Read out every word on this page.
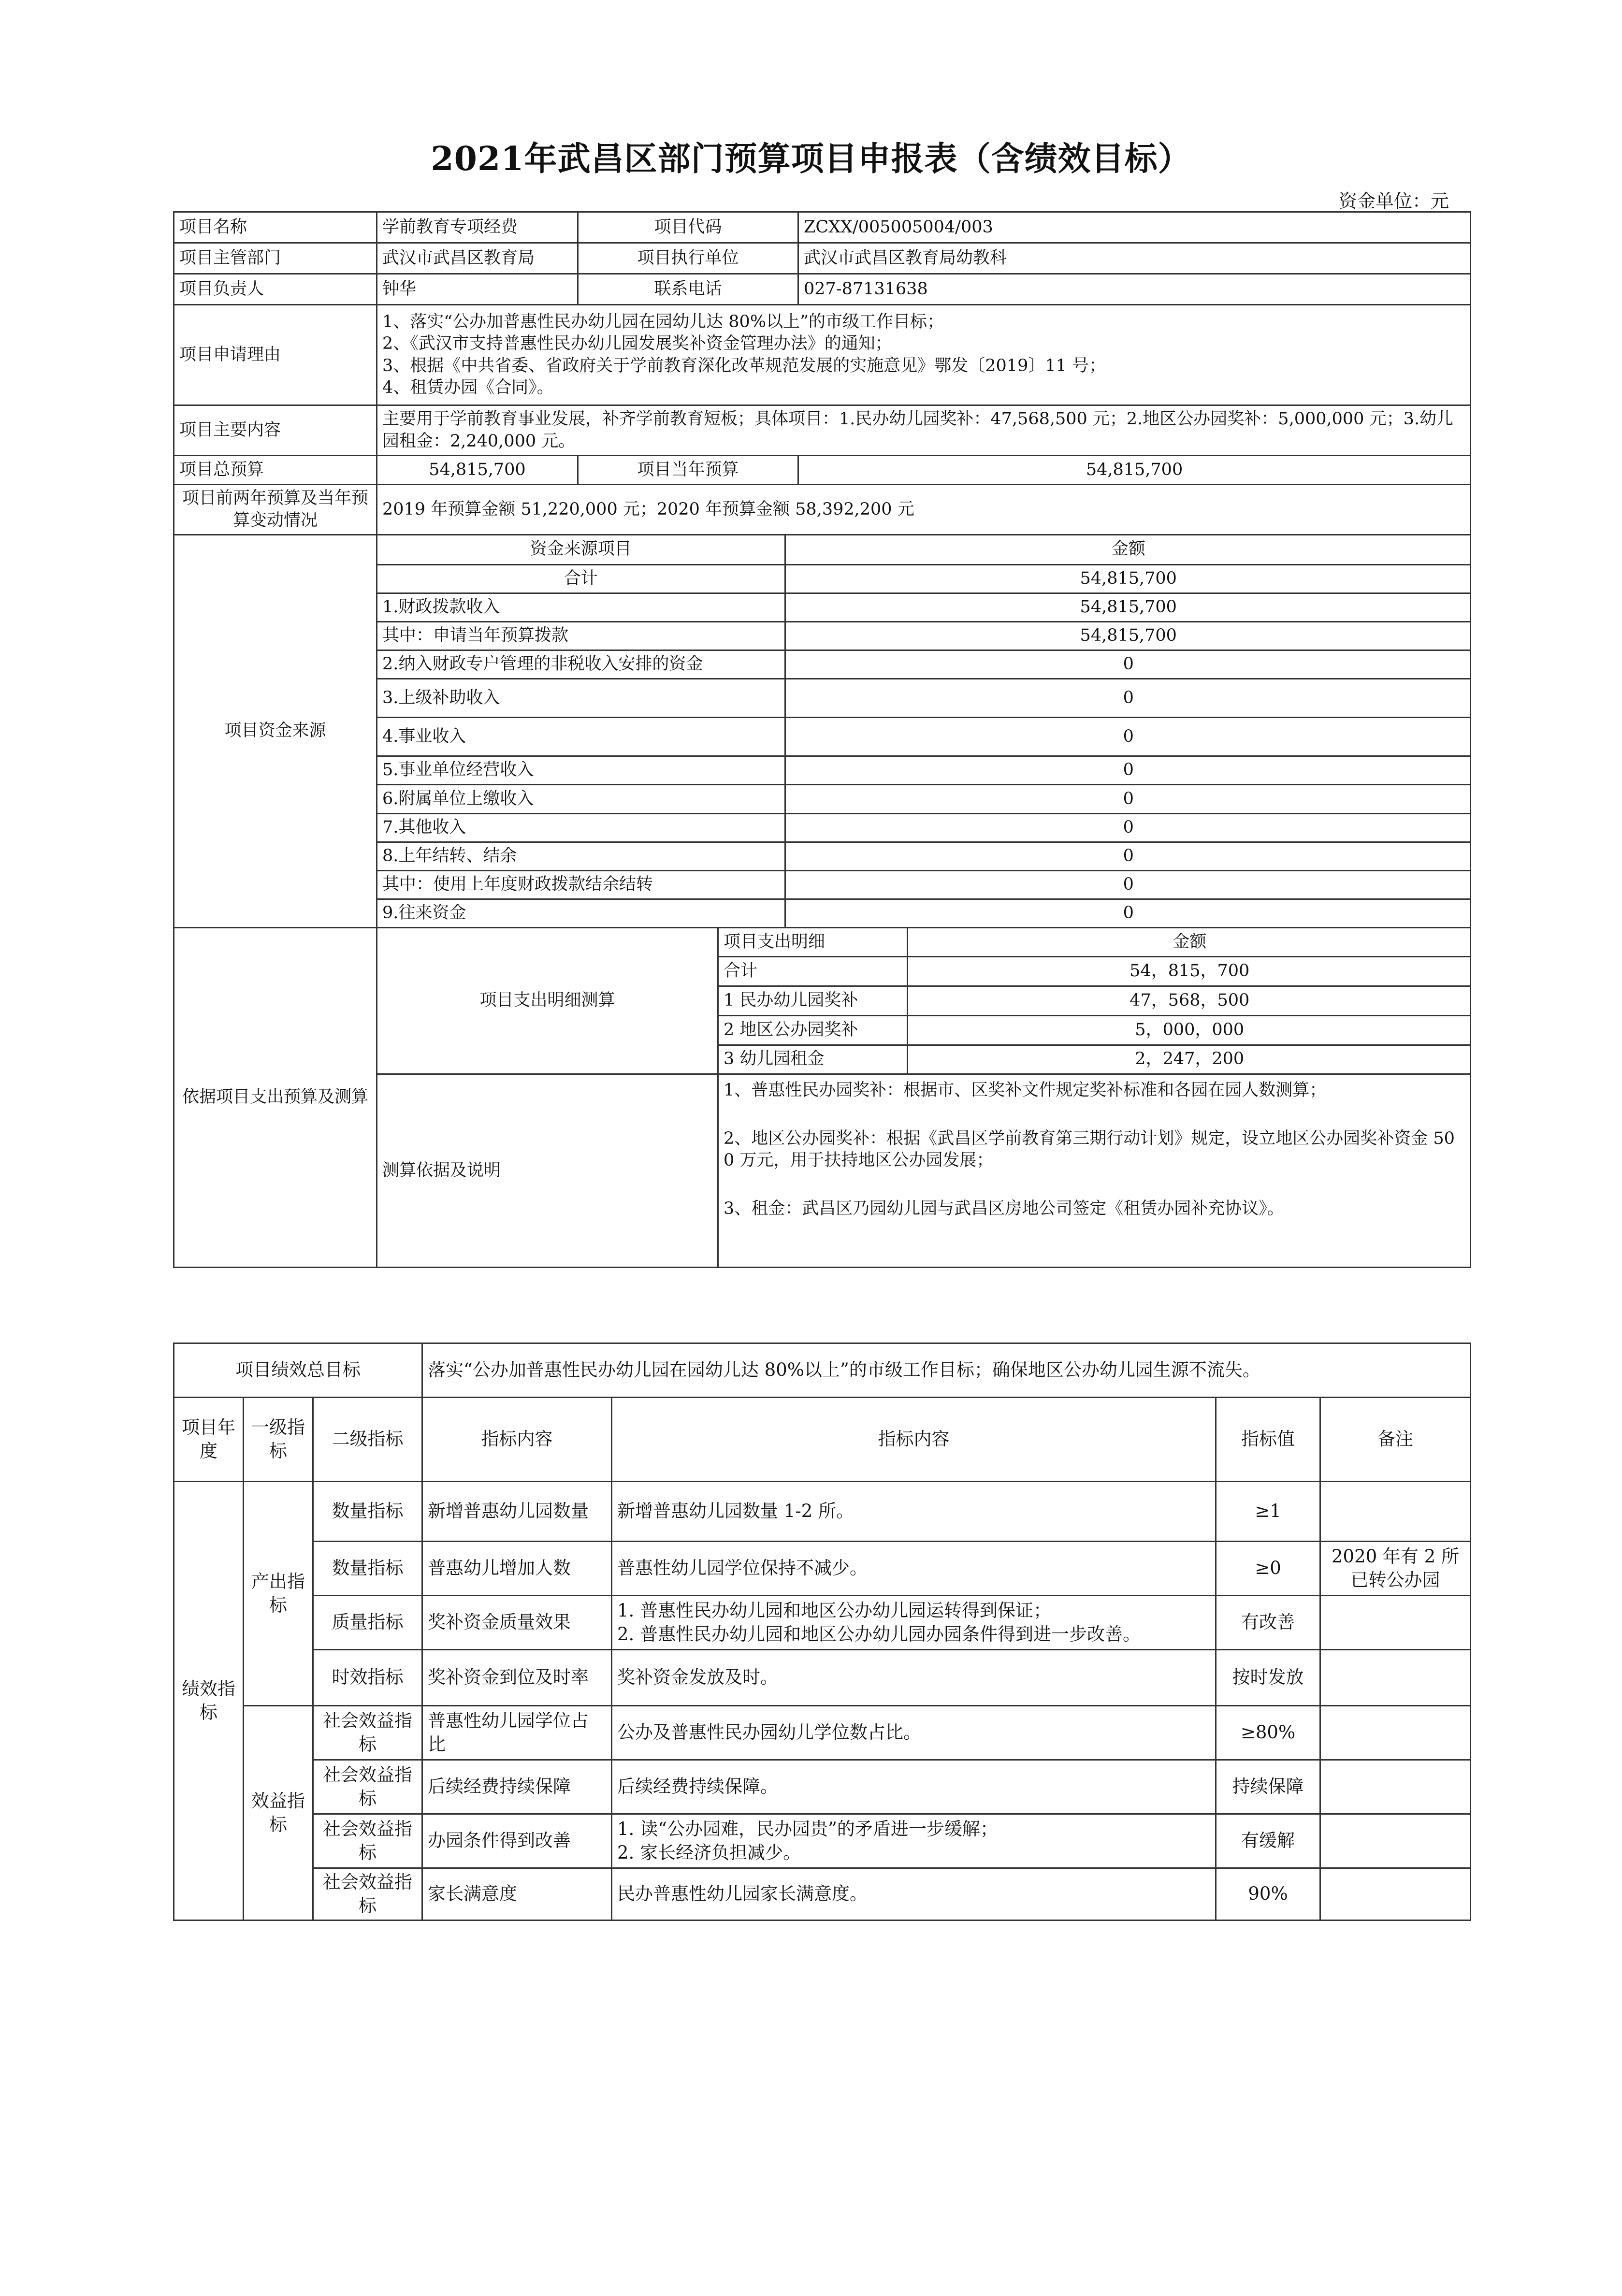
2021年武昌区部门预算项目申报表（含绩效目标）
资金单位：元
项目名称	学前教育专项经费	项目代码	ZCXX/005005004/003
项目主管部门	武汉市武昌区教育局	项目执行单位	武汉市武昌区教育局幼教科
项目负责人	钟华	联系电话	027-87131638
项目申请理由	
1、落实“公办加普惠性民办幼儿园在园幼儿达 80%以上”的市级工作目标；
2、《武汉市支持普惠性民办幼儿园发展奖补资金管理办法》的通知；
3、根据《中共省委、省政府关于学前教育深化改革规范发展的实施意见》鄂发〔2019〕11 号；
4、租赁办园《合同》。

项目主要内容	主要用于学前教育事业发展，补齐学前教育短板；具体项目：1.民办幼儿园奖补：47,568,500 元；2.地区公办园奖补：5,000,000 元；3.幼儿园租金：2,240,000 元。
项目总预算	54,815,700	项目当年预算	54,815,700
项目前两年预算及当年预算变动情况	2019 年预算金额 51,220,000 元；2020 年预算金额 58,392,200 元
项目资金来源	
资金来源项目	金额
合计	54,815,700
1.财政拨款收入	54,815,700
其中：申请当年预算拨款	54,815,700
2.纳入财政专户管理的非税收入安排的资金	0
3.上级补助收入	0
4.事业收入	0
5.事业单位经营收入	0
6.附属单位上缴收入	0
7.其他收入	0
8.上年结转、结余	0
其中：使用上年度财政拨款结余结转	0
9.往来资金	0

依据项目支出预算及测算	项目支出明细测算	
项目支出明细	金额
合计	54，815，700
1 民办幼儿园奖补	47，568，500
2 地区公办园奖补	5，000，000
3 幼儿园租金	2，247，200

测算依据及说明	

1、普惠性民办园奖补：根据市、区奖补文件规定奖补标准和各园在园人数测算；

2、地区公办园奖补：根据《武昌区学前教育第三期行动计划》规定，设立地区公办园奖补资金 500 万元，用于扶持地区公办园发展；

3、租金：武昌区乃园幼儿园与武昌区房地公司签定《租赁办园补充协议》。

项目绩效总目标			落实“公办加普惠性民办幼儿园在园幼儿达 80%以上”的市级工作目标；确保地区公办幼儿园生源不流失。			
项目年度	一级指标	二级指标	指标内容	指标内容	指标值	备注
绩效指标	产出指标	数量指标	新增普惠幼儿园数量	新增普惠幼儿园数量 1-2 所。	≥1	
		数量指标	普惠幼儿增加人数	普惠性幼儿园学位保持不减少。	≥0	2020 年有 2 所已转公办园
		质量指标	奖补资金质量效果	1. 普惠性民办幼儿园和地区公办幼儿园运转得到保证；
2. 普惠性民办幼儿园和地区公办幼儿园办园条件得到进一步改善。	有改善	
		时效指标	奖补资金到位及时率	奖补资金发放及时。	按时发放	
	效益指标	社会效益指标	普惠性幼儿园学位占比	公办及普惠性民办园幼儿学位数占比。	≥80%	
		社会效益指标	后续经费持续保障	后续经费持续保障。	持续保障	
		社会效益指标	办园条件得到改善	1. 读“公办园难，民办园贵”的矛盾进一步缓解；
2. 家长经济负担减少。	有缓解	
		社会效益指标	家长满意度	民办普惠性幼儿园家长满意度。	90%	
